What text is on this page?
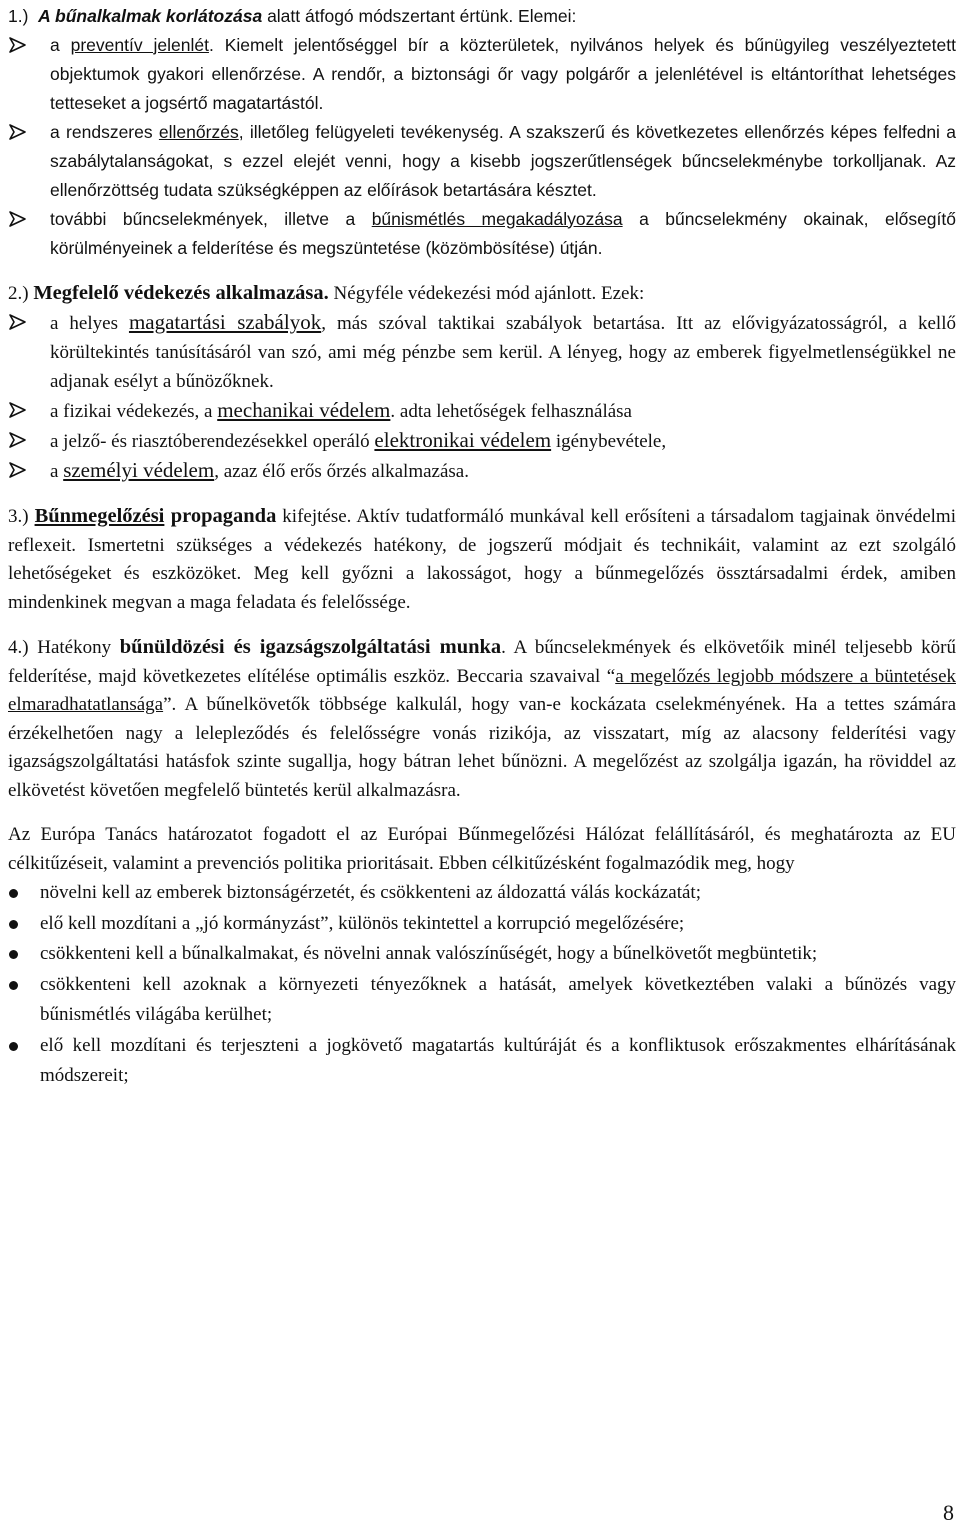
1.) A bűnalkalmak korlátozása alatt átfogó módszertant értünk. Elemei:
a preventív jelenlét. Kiemelt jelentőséggel bír a közterületek, nyilvános helyek és bűnügyileg veszélyeztetett objektumok gyakori ellenőrzése. A rendőr, a biztonsági őr vagy polgárőr a jelenlétével is eltántoríthat lehetséges tetteseket a jogsértő magatartástól.
a rendszeres ellenőrzés, illetőleg felügyeleti tevékenység. A szakszerű és következetes ellenőrzés képes felfedni a szabálytalanságokat, s ezzel elejét venni, hogy a kisebb jogszerűtlenségek bűncselekménybe torkolljanak. Az ellenőrzöttség tudata szükségképpen az előírások betartására késztet.
további bűncselekmények, illetve a bűnismétlés megakadályozása a bűncselekmény okainak, elősegítő körülményeinek a felderítése és megszüntetése (közömbösítése) útján.
2.) Megfelelő védekezés alkalmazása. Négyféle védekezési mód ajánlott. Ezek:
a helyes magatartási szabályok, más szóval taktikai szabályok betartása. Itt az elővigyázatosságról, a kellő körültekintés tanúsításáról van szó, ami még pénzbe sem kerül. A lényeg, hogy az emberek figyelmetlenségükkel ne adjanak esélyt a bűnözőknek.
a fizikai védekezés, a mechanikai védelem. adta lehetőségek felhasználása
a jelző- és riasztóberendezésekkel operáló elektronikai védelem igénybevétele,
a személyi védelem, azaz élő erős őrzés alkalmazása.
3.) Bűnmegelőzési propaganda kifejtése. Aktív tudatformáló munkával kell erősíteni a társadalom tagjainak önvédelmi reflexeit. Ismertetni szükséges a védekezés hatékony, de jogszerű módjait és technikáit, valamint az ezt szolgáló lehetőségeket és eszközöket. Meg kell győzni a lakosságot, hogy a bűnmegelőzés össztársadalmi érdek, amiben mindenkinek megvan a maga feladata és felelőssége.
4.) Hatékony bűnüldözési és igazságszolgáltatási munka. A bűncselekmények és elkövetőik minél teljesebb körű felderítése, majd következetes elítélése optimális eszköz. Beccaria szavaival “a megelőzés legjobb módszere a büntetések elmaradhatatlansága”. A bűnelkövetők többsége kalkulál, hogy van-e kockázata cselekményének. Ha a tettes számára érzékelhetően nagy a lelepleződés és felelősségre vonás rizikója, az visszatart, míg az alacsony felderítési vagy igazságszolgáltatási hatásfok szinte sugallja, hogy bátran lehet bűnözni. A megelőzést az szolgálja igazán, ha röviddel az elkövetést követően megfelelő büntetés kerül alkalmazásra.
Az Európa Tanács határozatot fogadott el az Európai Bűnmegelőzési Hálózat felállításáról, és meghatározta az EU célkitűzéseit, valamint a prevenciós politika prioritásait. Ebben célkitűzésként fogalmazódik meg, hogy
növelni kell az emberek biztonságérzetét, és csökkenteni az áldozattá válás kockázatát;
elő kell mozdítani a „jó kormányzást”, különös tekintettel a korrupció megelőzésére;
csökkenteni kell a bűnalkalmakat, és növelni annak valószínűségét, hogy a bűnelkövetőt megbüntetik;
csökkenteni kell azoknak a környezeti tényezőknek a hatását, amelyek következtében valaki a bűnözés vagy bűnismétlés világába kerülhet;
elő kell mozdítani és terjeszteni a jogkövető magatartás kultúráját és a konfliktusok erőszakmentes elhárításának módszereit;
8
